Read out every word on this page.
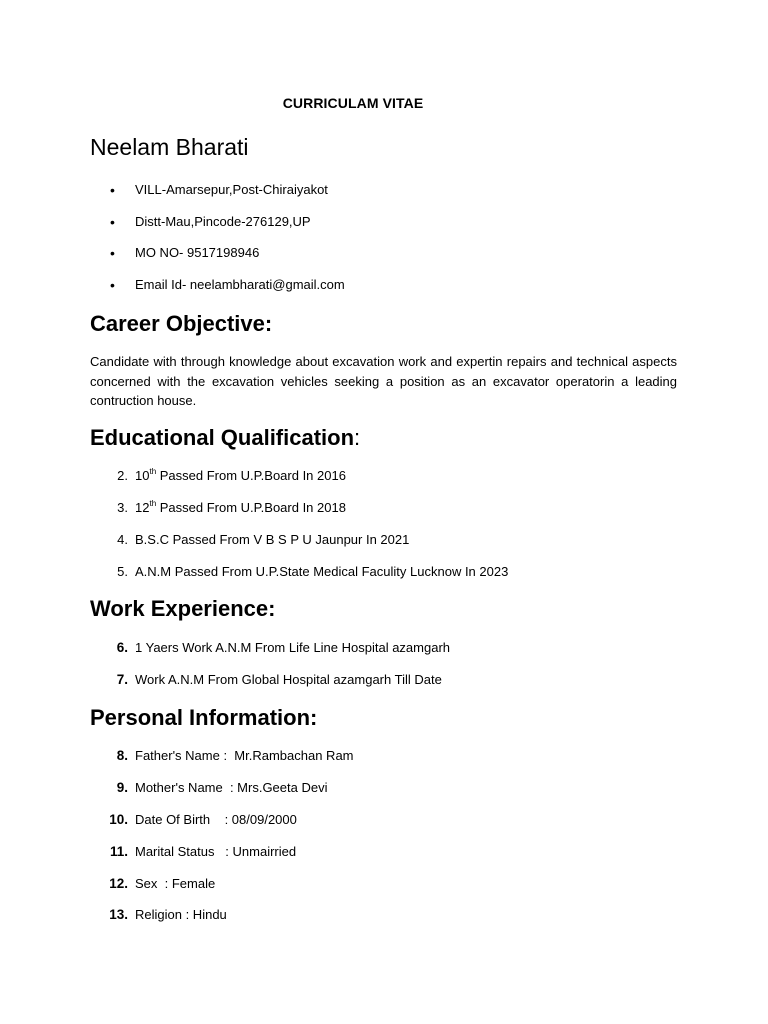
CURRICULAM VITAE
Neelam Bharati
• VILL-Amarsepur,Post-Chiraiyakot
• Distt-Mau,Pincode-276129,UP
• MO NO- 9517198946
• Email Id- neelambharati@gmail.com
Career Objective:
Candidate with through knowledge about excavation work and expertin repairs and technical aspects concerned with the excavation vehicles seeking a position as an excavator operatorin a leading contruction house.
Educational Qualification:
2. 10th Passed From U.P.Board In 2016
3. 12th Passed From U.P.Board In 2018
4. B.S.C Passed From V B S P U Jaunpur In 2021
5. A.N.M Passed From U.P.State Medical Faculity Lucknow In 2023
Work Experience:
6. 1 Yaers Work A.N.M From Life Line Hospital azamgarh
7. Work A.N.M From Global Hospital azamgarh Till Date
Personal Information:
8. Father's Name :  Mr.Rambachan Ram
9. Mother's Name  : Mrs.Geeta Devi
10. Date Of Birth    : 08/09/2000
11. Marital Status   : Unmairried
12. Sex  : Female
13. Religion : Hindu
